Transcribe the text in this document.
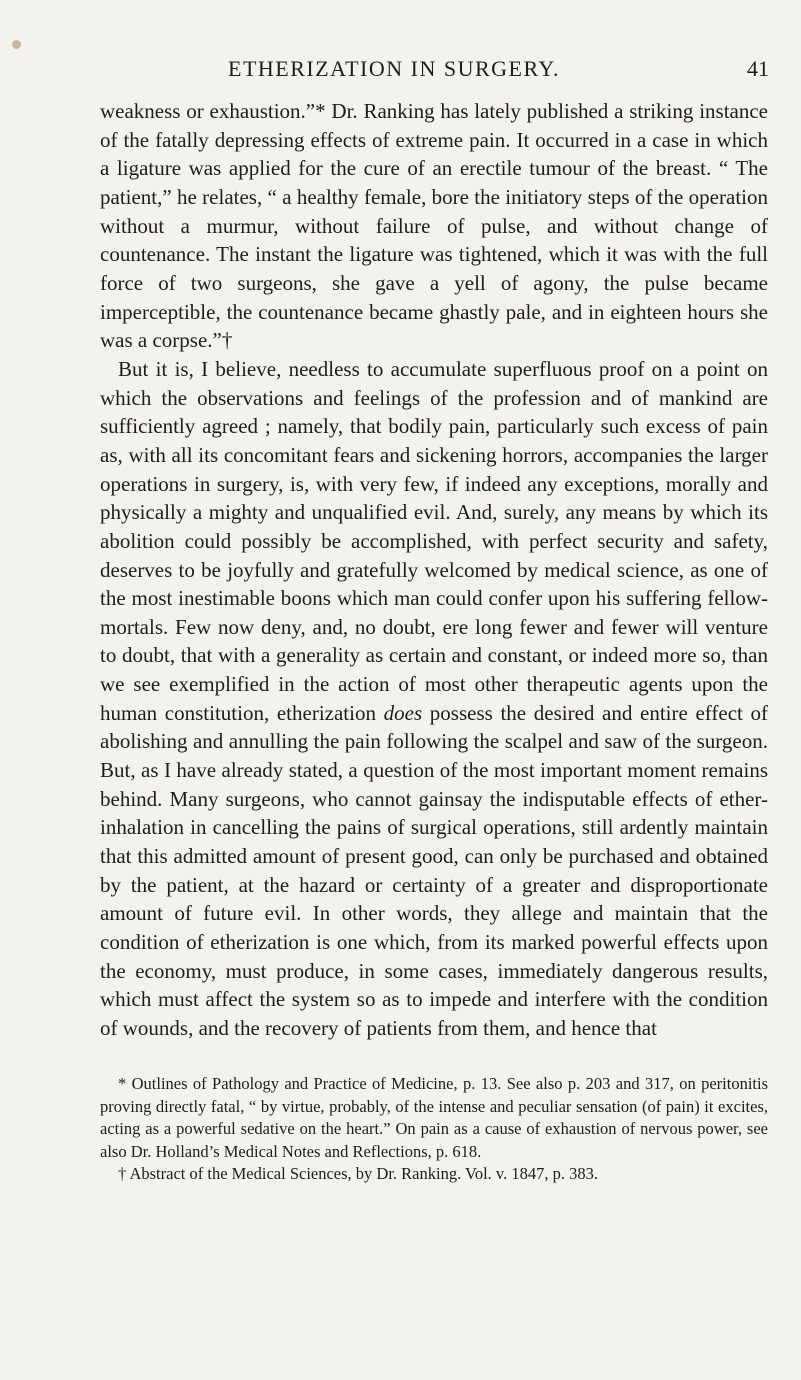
ETHERIZATION IN SURGERY.	41

weakness or exhaustion.”* Dr. Ranking has lately published a striking instance of the fatally depressing effects of extreme pain. It occurred in a case in which a ligature was applied for the cure of an erectile tumour of the breast. “ The patient,” he relates, “ a healthy female, bore the initiatory steps of the operation without a murmur, without failure of pulse, and without change of countenance. The instant the ligature was tightened, which it was with the full force of two surgeons, she gave a yell of agony, the pulse became imperceptible, the countenance became ghastly pale, and in eighteen hours she was a corpse.”†

But it is, I believe, needless to accumulate superfluous proof on a point on which the observations and feelings of the profession and of mankind are sufficiently agreed ; namely, that bodily pain, particularly such excess of pain as, with all its concomitant fears and sickening horrors, accompanies the larger operations in surgery, is, with very few, if indeed any exceptions, morally and physically a mighty and unqualified evil. And, surely, any means by which its abolition could possibly be accomplished, with perfect security and safety, deserves to be joyfully and gratefully welcomed by medical science, as one of the most inestimable boons which man could confer upon his suffering fellow-mortals. Few now deny, and, no doubt, ere long fewer and fewer will venture to doubt, that with a generality as certain and constant, or indeed more so, than we see exemplified in the action of most other therapeutic agents upon the human constitution, etherization does possess the desired and entire effect of abolishing and annulling the pain following the scalpel and saw of the surgeon. But, as I have already stated, a question of the most important moment remains behind. Many surgeons, who cannot gainsay the indisputable effects of ether-inhalation in cancelling the pains of surgical operations, still ardently maintain that this admitted amount of present good, can only be purchased and obtained by the patient, at the hazard or certainty of a greater and disproportionate amount of future evil. In other words, they allege and maintain that the condition of etherization is one which, from its marked powerful effects upon the economy, must produce, in some cases, immediately dangerous results, which must affect the system so as to impede and interfere with the condition of wounds, and the recovery of patients from them, and hence that

* Outlines of Pathology and Practice of Medicine, p. 13. See also p. 203 and 317, on peritonitis proving directly fatal, “ by virtue, probably, of the intense and peculiar sensation (of pain) it excites, acting as a powerful sedative on the heart.” On pain as a cause of exhaustion of nervous power, see also Dr. Holland’s Medical Notes and Reflections, p. 618.

† Abstract of the Medical Sciences, by Dr. Ranking. Vol. v. 1847, p. 383.
